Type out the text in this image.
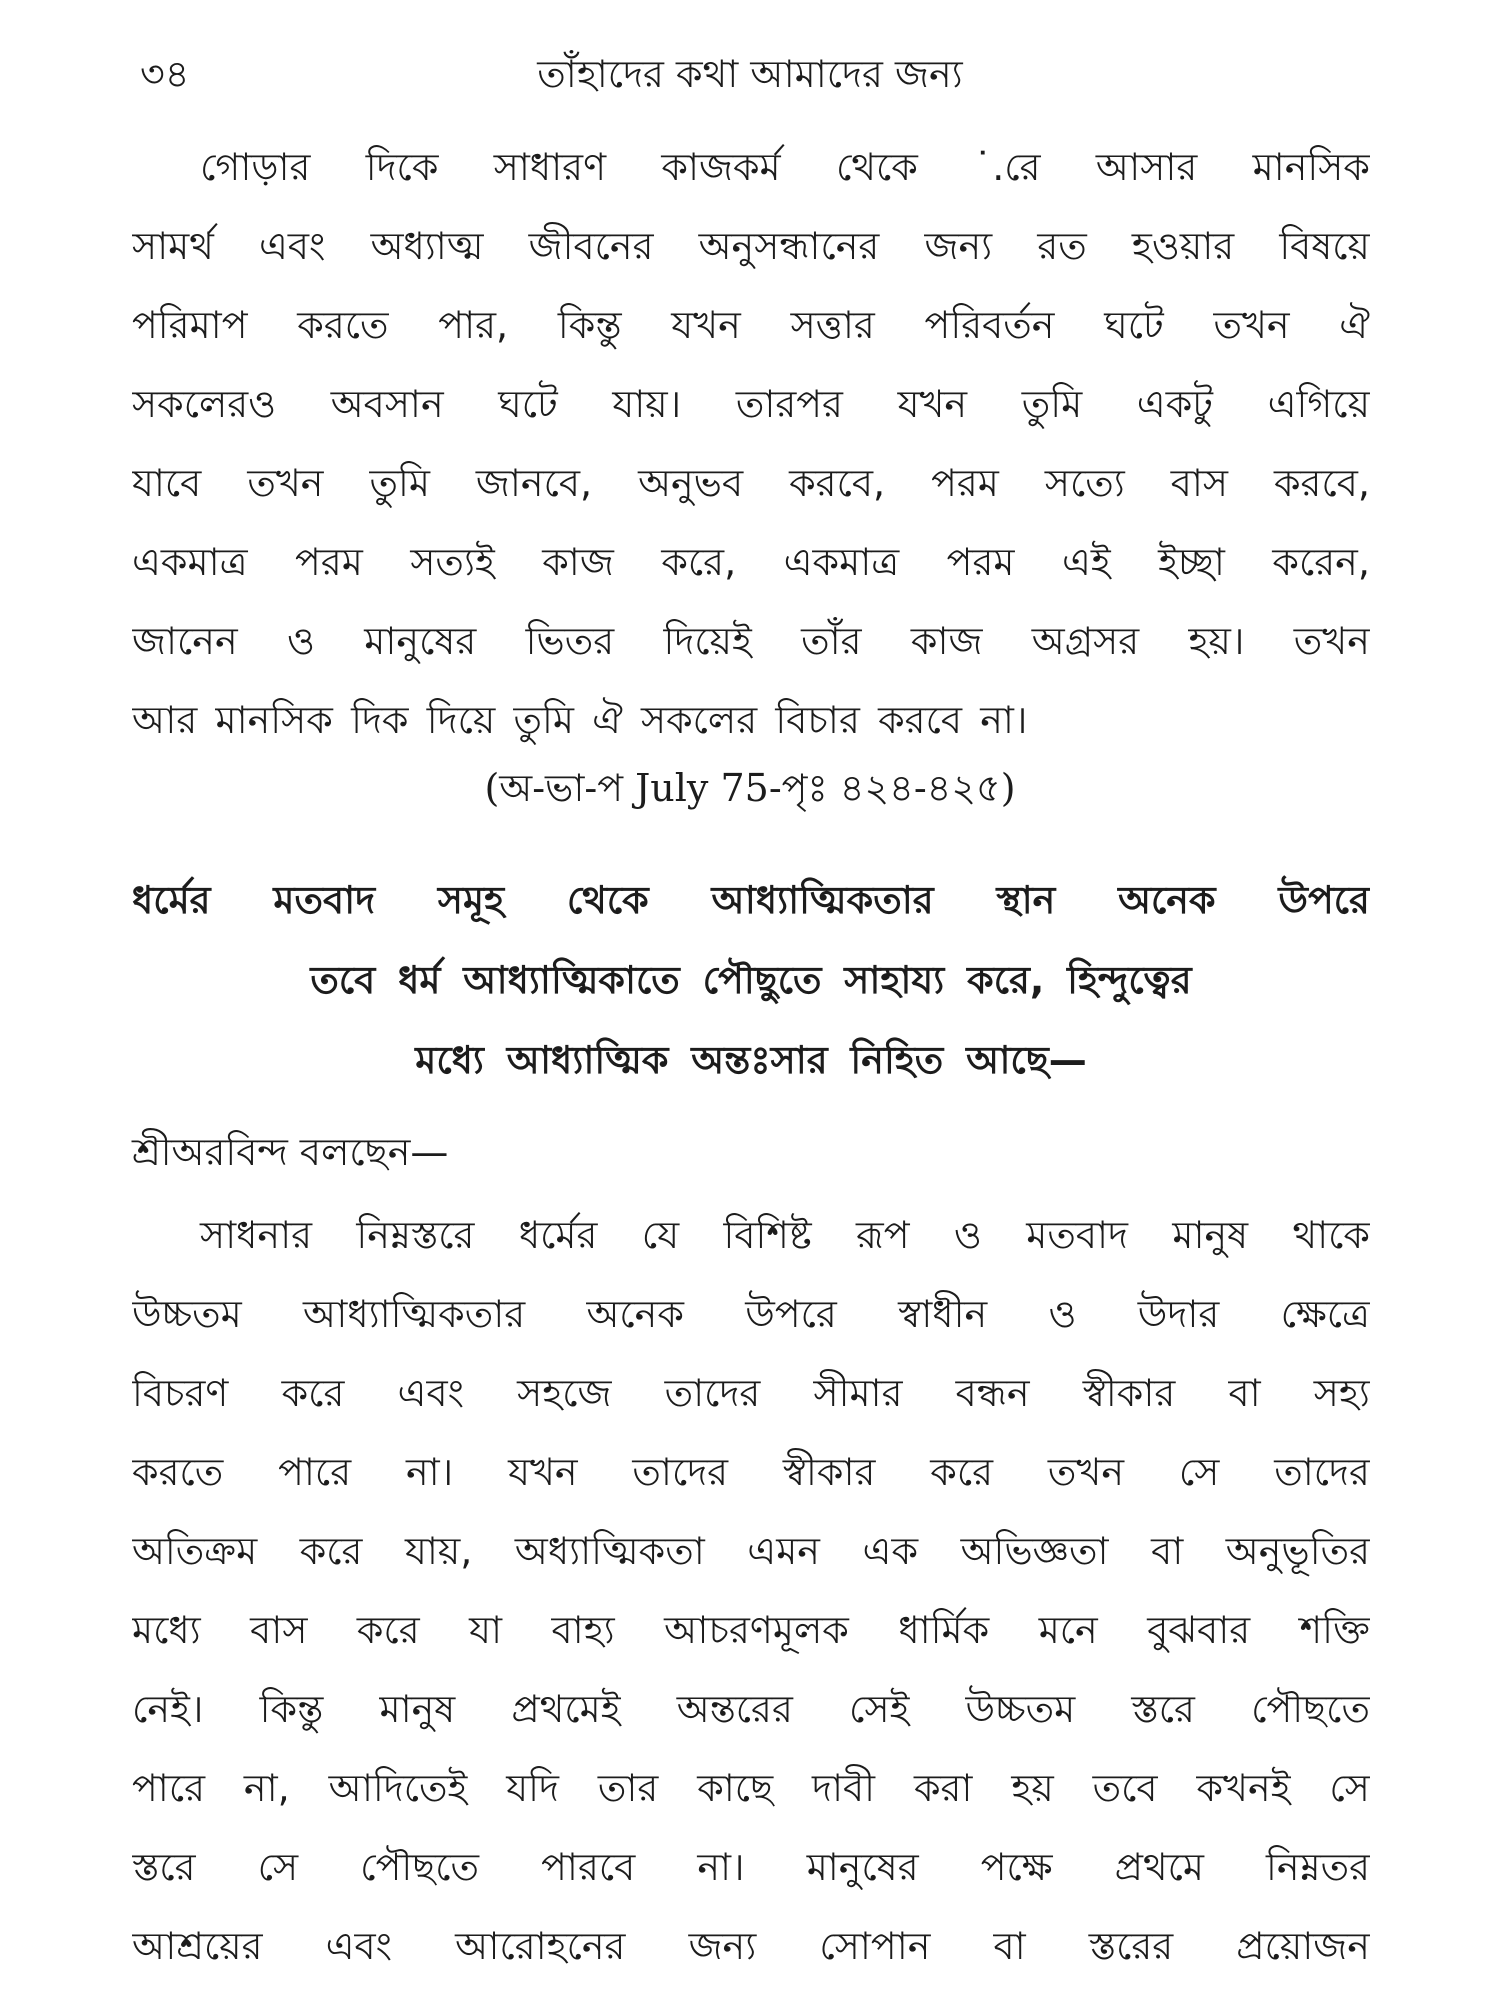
৩৪	তাঁহাদের কথা আমাদের জন্য
গোড়ার দিকে সাধারণ কাজকর্ম থেকে ˙.রে আসার মানসিক
সামর্থ এবং অধ্যাত্ম জীবনের অনুসন্ধানের জন্য রত হওয়ার বিষয়ে
পরিমাপ করতে পার, কিন্তু যখন সত্তার পরিবর্তন ঘটে তখন ঐ
সকলেরও অবসান ঘটে যায়। তারপর যখন তুমি একটু এগিয়ে
যাবে তখন তুমি জানবে, অনুভব করবে, পরম সত্যে বাস করবে,
একমাত্র পরম সত্যই কাজ করে, একমাত্র পরম এই ইচ্ছা করেন,
জানেন ও মানুষের ভিতর দিয়েই তাঁর কাজ অগ্রসর হয়। তখন
আর মানসিক দিক দিয়ে তুমি ঐ সকলের বিচার করবে না।
(অ-ভা-প July 75-পৃঃ ৪২৪-৪২৫)
ধর্মের মতবাদ সমূহ থেকে আধ্যাত্মিকতার স্থান অনেক উপরে
তবে ধর্ম আধ্যাত্মিকাতে পৌছুতে সাহায্য করে, হিন্দুত্বের
মধ্যে আধ্যাত্মিক অন্তঃসার নিহিত আছে—
শ্রীঅরবিন্দ বলছেন—
সাধনার নিম্নস্তরে ধর্মের যে বিশিষ্ট রূপ ও মতবাদ মানুষ থাকে
উচ্চতম আধ্যাত্মিকতার অনেক উপরে স্বাধীন ও উদার ক্ষেত্রে
বিচরণ করে এবং সহজে তাদের সীমার বন্ধন স্বীকার বা সহ্য
করতে পারে না। যখন তাদের স্বীকার করে তখন সে তাদের
অতিক্রম করে যায়, অধ্যাত্মিকতা এমন এক অভিজ্ঞতা বা অনুভূতির
মধ্যে বাস করে যা বাহ্য আচরণমূলক ধার্মিক মনে বুঝবার শক্তি
নেই। কিন্তু মানুষ প্রথমেই অন্তরের সেই উচ্চতম স্তরে পৌছতে
পারে না, আদিতেই যদি তার কাছে দাবী করা হয় তবে কখনই সে
স্তরে সে পৌছতে পারবে না। মানুষের পক্ষে প্রথমে নিম্নতর
আশ্রয়ের এবং আরোহনের জন্য সোপান বা স্তরের প্রয়োজন
